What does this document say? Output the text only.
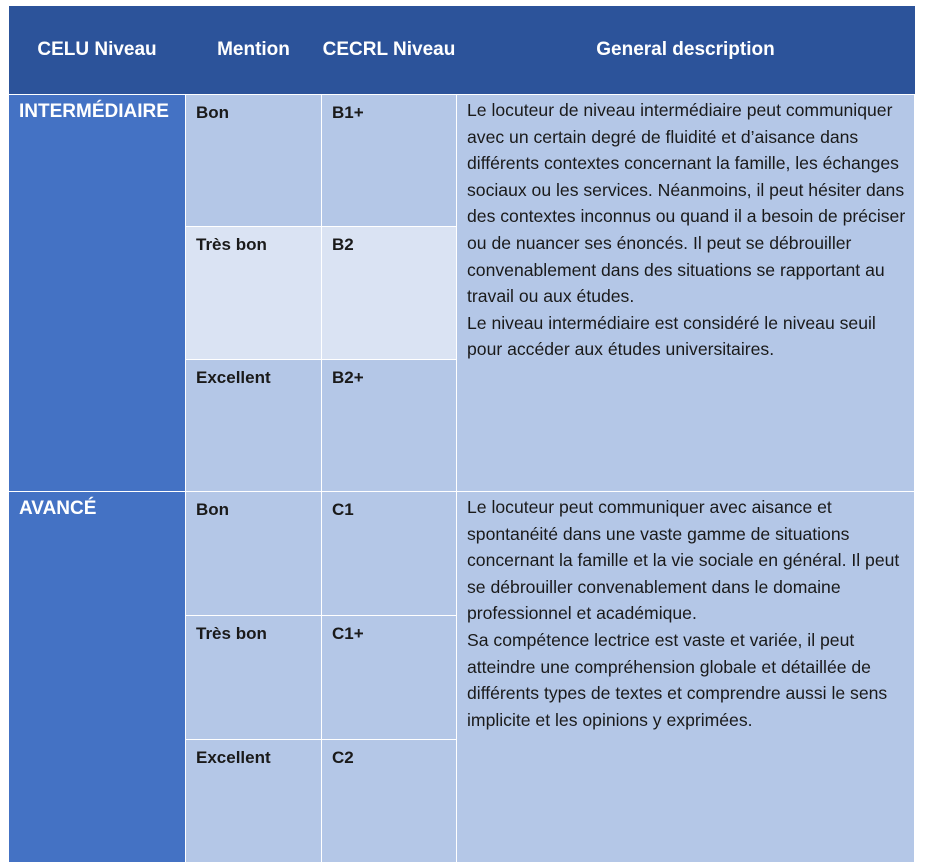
CELU Niveau	Mention	CECRL Niveau	General description
INTERMÉDIAIRE	Bon	B1+	Le locuteur de niveau intermédiaire peut communiquer avec un certain degré de fluidité et d’aisance dans différents contextes concernant la famille, les échanges sociaux ou les services. Néanmoins, il peut hésiter dans des contextes inconnus ou quand il a besoin de préciser ou de nuancer ses énoncés. Il peut se débrouiller convenablement dans des situations se rapportant au travail ou aux études.

Le niveau intermédiaire est considéré le niveau seuil pour accéder aux études universitaires.

	Très bon	B2	
	Excellent	B2+	
AVANCÉ	Bon	C1	Le locuteur peut communiquer avec aisance et spontanéité dans une vaste gamme de situations concernant la famille et la vie sociale en général. Il peut se débrouiller convenablement dans le domaine professionnel et académique.

Sa compétence lectrice est vaste et variée, il peut atteindre une compréhension globale et détaillée de différents types de textes et comprendre aussi le sens implicite et les opinions y exprimées.

	Très bon	C1+	
	Excellent	C2	
